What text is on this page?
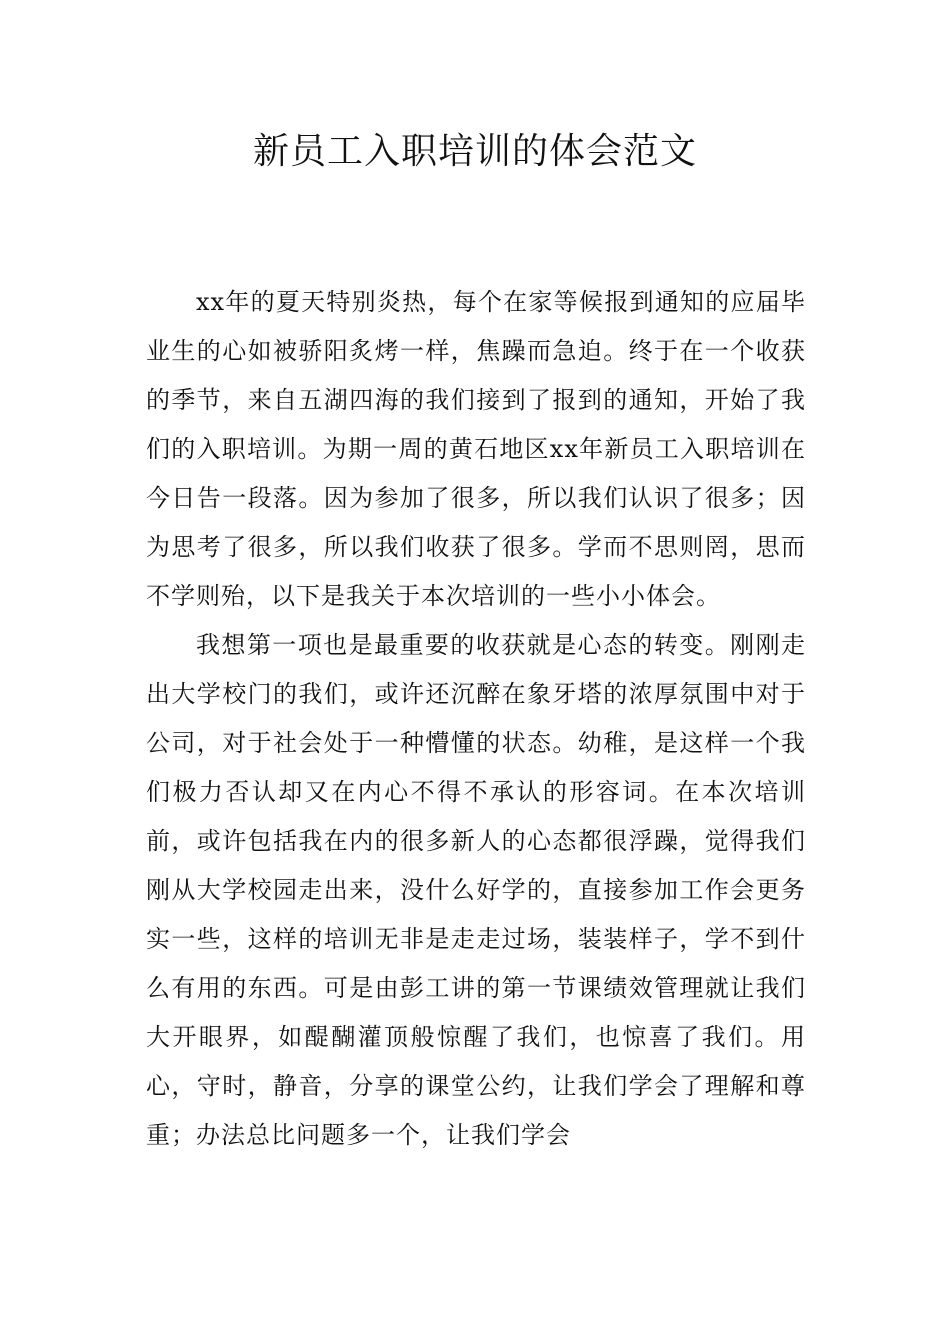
新员工入职培训的体会范文

xx年的夏天特别炎热，每个在家等候报到通知的应届毕业生的心如被骄阳炙烤一样，焦躁而急迫。终于在一个收获的季节，来自五湖四海的我们接到了报到的通知，开始了我们的入职培训。为期一周的黄石地区xx年新员工入职培训在今日告一段落。因为参加了很多，所以我们认识了很多；因为思考了很多，所以我们收获了很多。学而不思则罔，思而不学则殆，以下是我关于本次培训的一些小小体会。

我想第一项也是最重要的收获就是心态的转变。刚刚走出大学校门的我们，或许还沉醉在象牙塔的浓厚氛围中对于公司，对于社会处于一种懵懂的状态。幼稚，是这样一个我们极力否认却又在内心不得不承认的形容词。在本次培训前，或许包括我在内的很多新人的心态都很浮躁，觉得我们刚从大学校园走出来，没什么好学的，直接参加工作会更务实一些，这样的培训无非是走走过场，装装样子，学不到什么有用的东西。可是由彭工讲的第一节课绩效管理就让我们大开眼界，如醍醐灌顶般惊醒了我们，也惊喜了我们。用心，守时，静音，分享的课堂公约，让我们学会了理解和尊重；办法总比问题多一个，让我们学会
